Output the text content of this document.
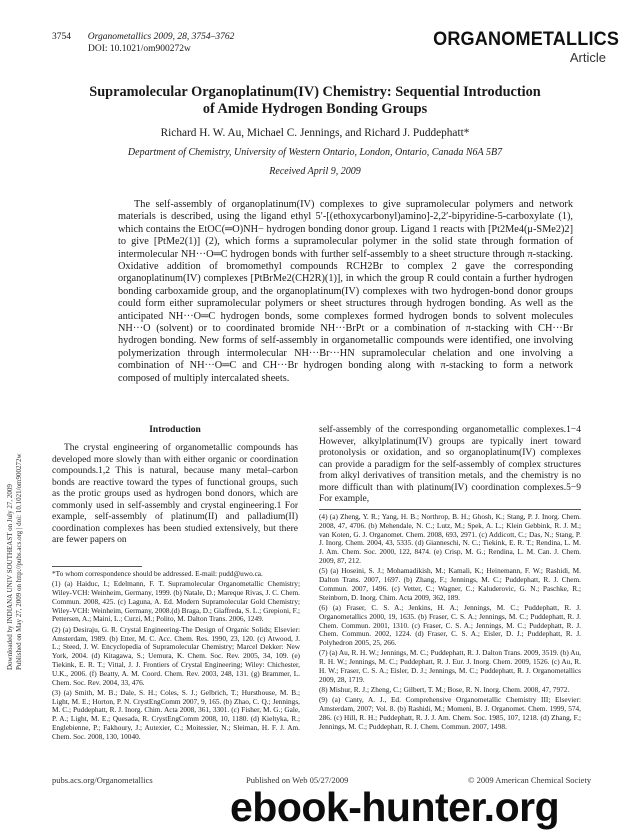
3754 Organometallics 2009, 28, 3754–3762
DOI: 10.1021/om900272w	ORGANOMETALLICS
Article
Downloaded by INDIANA UNIV SOUTHEAST on July 27, 2009 Published on May 27, 2009 on http://pubs.acs.org | doi: 10.1021/om900272w
Supramolecular Organoplatinum(IV) Chemistry: Sequential Introduction
of Amide Hydrogen Bonding Groups
Richard H. W. Au, Michael C. Jennings, and Richard J. Puddephatt*
Department of Chemistry, University of Western Ontario, London, Ontario, Canada N6A 5B7
Received April 9, 2009
The self-assembly of organoplatinum(IV) complexes to give supramolecular polymers and network materials is described, using the ligand ethyl 5′-[(ethoxycarbonyl)amino]-2,2′-bipyridine-5-carboxylate (1), which contains the EtOC(═O)NH− hydrogen bonding donor group. Ligand 1 reacts with [Pt2Me4(μ-SMe2)2] to give [PtMe2(1)] (2), which forms a supramolecular polymer in the solid state through formation of intermolecular NH···O═C hydrogen bonds with further self-assembly to a sheet structure through π-stacking. Oxidative addition of bromomethyl compounds RCH2Br to complex 2 gave the corresponding organoplatinum(IV) complexes [PtBrMe2(CH2R)(1)], in which the group R could contain a further hydrogen bonding carboxamide group, and the organoplatinum(IV) complexes with two hydrogen-bond donor groups could form either supramolecular polymers or sheet structures through hydrogen bonding. As well as the anticipated NH···O═C hydrogen bonds, some complexes formed hydrogen bonds to solvent molecules NH···O (solvent) or to coordinated bromide NH···BrPt or a combination of π-stacking with CH···Br hydrogen bonding. New forms of self-assembly in organometallic compounds were identified, one involving polymerization through intermolecular NH···Br···HN supramolecular chelation and one involving a combination of NH···O═C and CH···Br hydrogen bonding along with π-stacking to form a network composed of multiply intercalated sheets.
Introduction
The crystal engineering of organometallic compounds has developed more slowly than with either organic or coordination compounds.1,2 This is natural, because many metal–carbon bonds are reactive toward the types of functional groups, such as the protic groups used as hydrogen bond donors, which are commonly used in self-assembly and crystal engineering.1 For example, self-assembly of platinum(II) and palladium(II) coordination complexes has been studied extensively, but there are fewer papers on
self-assembly of the corresponding organometallic complexes.1−4 However, alkylplatinum(IV) groups are typically inert toward protonolysis or oxidation, and so organoplatinum(IV) complexes can provide a paradigm for the self-assembly of complex structures from alkyl derivatives of transition metals, and the chemistry is no more difficult than with platinum(IV) coordination complexes.5−9 For example,

*To whom correspondence should be addressed. E-mail: pudd@uwo.ca.

(1) (a) Haiduc, I.; Edelmann, F. T. Supramolecular Organometallic Chemistry; Wiley-VCH: Weinheim, Germany, 1999. (b) Natale, D.; Mareque Rivas, J. C. Chem. Commun. 2008, 425. (c) Laguna, A. Ed. Modern Supramolecular Gold Chemistry; Wiley-VCH: Weinheim, Germany, 2008.(d) Braga, D.; Giaffreda, S. L.; Grepioni, F.; Pettersen, A.; Maini, L.; Curzi, M.; Polito, M. Dalton Trans. 2006, 1249.

(2) (a) Desiraju, G. R. Crystal Engineering-The Design of Organic Solids; Elsevier: Amsterdam, 1989. (b) Etter, M. C. Acc. Chem. Res. 1990, 23, 120. (c) Atwood, J. L.; Steed, J. W. Encyclopedia of Supramolecular Chemistry; Marcel Dekker: New York, 2004. (d) Kitagawa, S.; Uemura, K. Chem. Soc. Rev. 2005, 34, 109. (e) Tiekink, E. R. T.; Vittal, J. J. Frontiers of Crystal Engineering; Wiley: Chichester, U.K., 2006. (f) Beatty, A. M. Coord. Chem. Rev. 2003, 248, 131. (g) Brammer, L. Chem. Soc. Rev. 2004, 33, 476.

(3) (a) Smith, M. B.; Dale, S. H.; Coles, S. J.; Gelbrich, T.; Hursthouse, M. B.; Light, M. E.; Horton, P. N. CrystEngComm 2007, 9, 165. (b) Zhao, C. Q.; Jennings, M. C.; Puddephatt, R. J. Inorg. Chim. Acta 2008, 361, 3301. (c) Fisher, M. G.; Gale, P. A.; Light, M. E.; Quesada, R. CrystEngComm 2008, 10, 1180. (d) Kieltyka, R.; Englebienne, P.; Fakhoury, J.; Autexier, C.; Moitessier, N.; Sleiman, H. F. J. Am. Chem. Soc. 2008, 130, 10040.

(4) (a) Zheng, Y. R.; Yang, H. B.; Northrop, B. H.; Ghosh, K.; Stang, P. J. Inorg. Chem. 2008, 47, 4706. (b) Mehendale, N. C.; Lutz, M.; Spek, A. L.; Klein Gebbink, R. J. M.; van Koten, G. J. Organomet. Chem. 2008, 693, 2971. (c) Addicott, C.; Das, N.; Stang, P. J. Inorg. Chem. 2004, 43, 5335. (d) Gianneschi, N. C.; Tiekink, E. R. T.; Rendina, L. M. J. Am. Chem. Soc. 2000, 122, 8474. (e) Crisp, M. G.; Rendina, L. M. Can. J. Chem. 2009, 87, 212.

(5) (a) Hoseini, S. J.; Mohamadikish, M.; Kamali, K.; Heinemann, F. W.; Rashidi, M. Dalton Trans. 2007, 1697. (b) Zhang, F.; Jennings, M. C.; Puddephatt, R. J. Chem. Commun. 2007, 1496. (c) Vetter, C.; Wagner, C.; Kaluderovic, G. N.; Paschke, R.; Steinborn, D. Inorg. Chim. Acta 2009, 362, 189.

(6) (a) Fraser, C. S. A.; Jenkins, H. A.; Jennings, M. C.; Puddephatt, R. J. Organometallics 2000, 19, 1635. (b) Fraser, C. S. A.; Jennings, M. C.; Puddephatt, R. J. Chem. Commun. 2001, 1310. (c) Fraser, C. S. A.; Jennings, M. C.; Puddephatt, R. J. Chem. Commun. 2002, 1224. (d) Fraser, C. S. A.; Eisler, D. J.; Puddephatt, R. J. Polyhedron 2005, 25, 266.

(7) (a) Au, R. H. W.; Jennings, M. C.; Puddephatt, R. J. Dalton Trans. 2009, 3519. (b) Au, R. H. W.; Jennings, M. C.; Puddephatt, R. J. Eur. J. Inorg. Chem. 2009, 1526. (c) Au, R. H. W.; Fraser, C. S. A.; Eisler, D. J.; Jennings, M. C.; Puddephatt, R. J. Organometallics 2009, 28, 1719.

(8) Mishur, R. J.; Zheng, C.; Gilbert, T. M.; Bose, R. N. Inorg. Chem. 2008, 47, 7972.

(9) (a) Canty, A. J., Ed. Comprehensive Organometallic Chemistry III; Elsevier: Amsterdam, 2007; Vol. 8. (b) Rashidi, M.; Momeni, B. J. Organomet. Chem. 1999, 574, 286. (c) Hill, R. H.; Puddephatt, R. J. J. Am. Chem. Soc. 1985, 107, 1218. (d) Zhang, F.; Jennings, M. C.; Puddephatt, R. J. Chem. Commun. 2007, 1498.

pubs.acs.org/Organometallics	Published on Web 05/27/2009	© 2009 American Chemical Society
ebook-hunter.org
